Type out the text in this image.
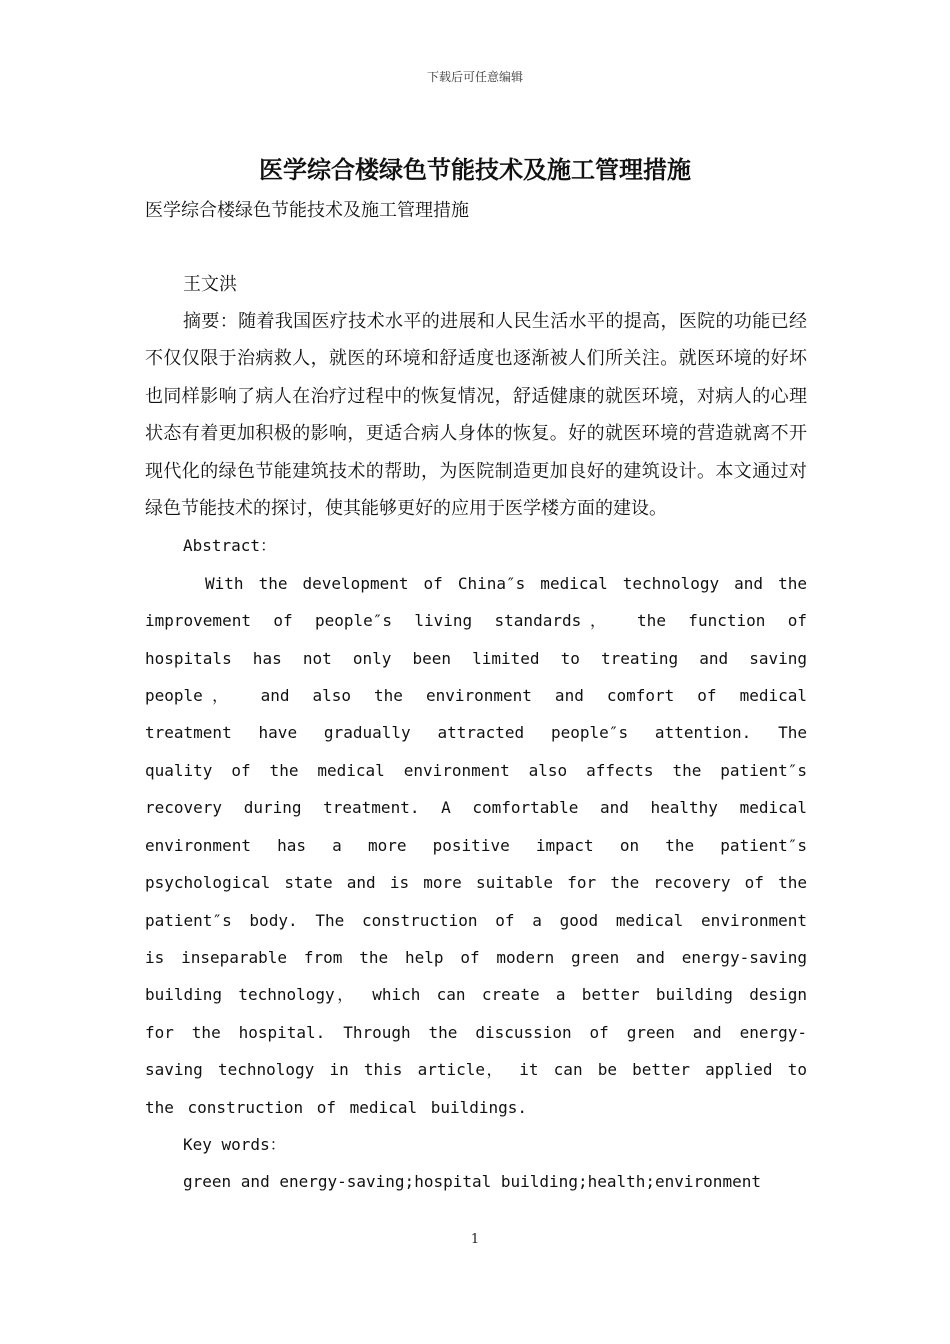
下载后可任意编辑
医学综合楼绿色节能技术及施工管理措施

医学综合楼绿色节能技术及施工管理措施

王文洪

摘要：随着我国医疗技术水平的进展和人民生活水平的提高，医院的功能已经不仅仅限于治病救人，就医的环境和舒适度也逐渐被人们所关注。就医环境的好坏也同样影响了病人在治疗过程中的恢复情况，舒适健康的就医环境，对病人的心理状态有着更加积极的影响，更适合病人身体的恢复。好的就医环境的营造就离不开现代化的绿色节能建筑技术的帮助，为医院制造更加良好的建筑设计。本文通过对绿色节能技术的探讨，使其能够更好的应用于医学楼方面的建设。

Abstract：

With the development of China″s medical technology and the improvement of people″s living standards， the function of hospitals has not only been limited to treating and saving people， and also the environment and comfort of medical treatment have gradually attracted people″s attention. The quality of the medical environment also affects the patient″s recovery during treatment. A comfortable and healthy medical environment has a more positive impact on the patient″s psychological state and is more suitable for the recovery of the patient″s body. The construction of a good medical environment is inseparable from the help of modern green and energy-saving building technology， which can create a better building design for the hospital. Through the discussion of green and energy-saving technology in this article， it can be better applied to the construction of medical buildings.

Key words：

green and energy-saving;hospital building;health;environment

1
